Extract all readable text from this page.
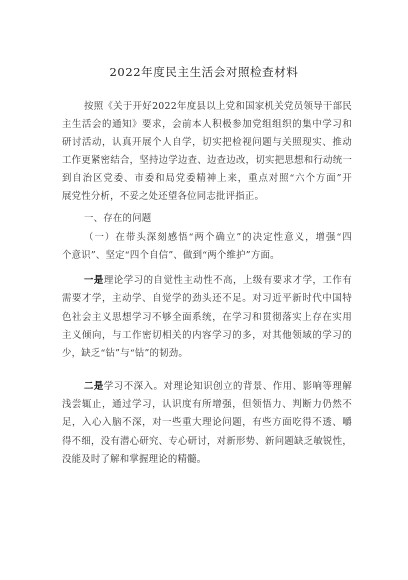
2022年度民主生活会对照检查材料
按照《关于开好2022年度县以上党和国家机关党员领导干部民
主生活会的通知》要求，会前本人积极参加党组组织的集中学习和
研讨活动，认真开展个人自学，切实把检视问题与关照现实、推动
工作更紧密结合，坚持边学边查、边查边改，切实把思想和行动统一
到自治区党委、市委和局党委精神上来，重点对照“六个方面”开
展党性分析，不妥之处还望各位同志批评指正。
一、存在的问题
（一）在带头深刻感悟“两个确立”的决定性意义，增强“四
个意识”、坚定“四个自信”、做到“两个维护”方面。
一是理论学习的自觉性主动性不高，上级有要求才学，工作有
需要才学，主动学、自觉学的劲头还不足。对习近平新时代中国特
色社会主义思想学习不够全面系统，在学习和贯彻落实上存在实用
主义倾向，与工作密切相关的内容学习的多，对其他领域的学习的
少，缺乏“钻”与“钻”的韧劲。
二是学习不深入。对理论知识创立的背景、作用、影响等理解
浅尝辄止，通过学习，认识度有所增强，但领悟力、判断力仍然不
足，入心入脑不深，对一些重大理论问题，有些方面吃得不透、嚼
得不细，没有潜心研究、专心研讨，对新形势、新问题缺乏敏锐性，
没能及时了解和掌握理论的精髓。
